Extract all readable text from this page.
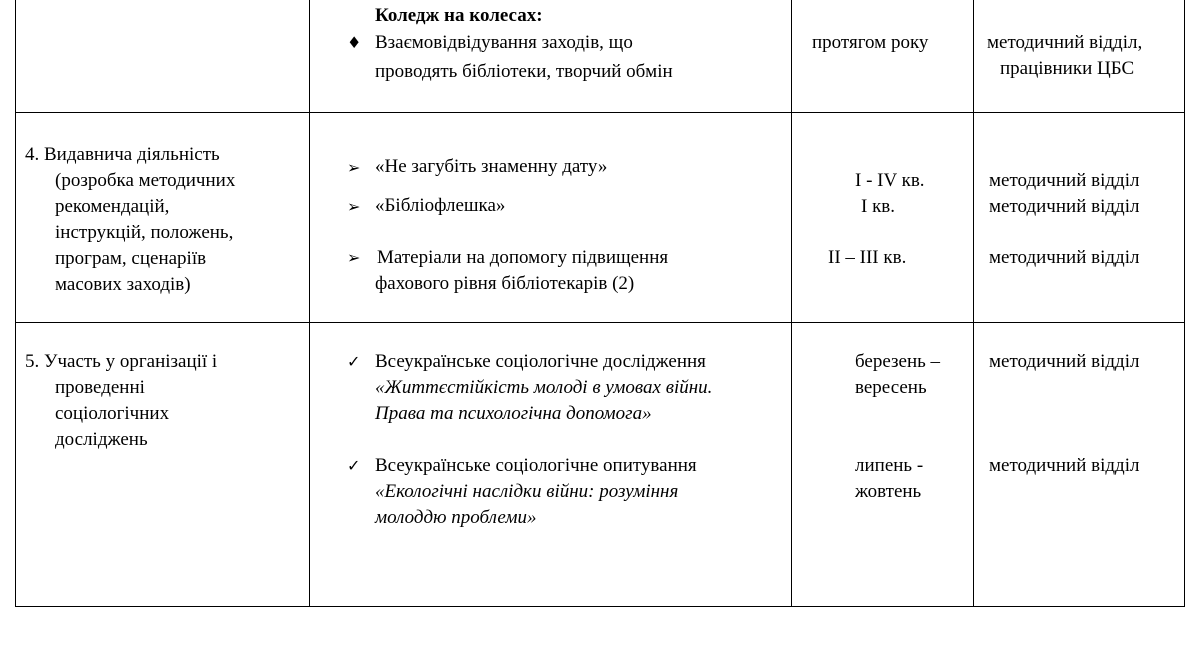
Коледж на колесах:
♦ Взаємовідвідування заходів, що
проводять бібліотеки, творчий обмін
протягом року	методичний відділ,
працівники ЦБС
4. Видавнича діяльність
(розробка методичних
рекомендацій,
інструкцій, положень,
програм, сценаріїв
масових заходів)
➢ «Не загубіть знаменну дату»
➢ «Бібліофлешка»
➢ Матеріали на допомогу підвищення
фахового рівня бібліотекарів (2)
I - IV кв.
I кв.
II – III кв.
методичний відділ
методичний відділ
методичний відділ
5. Участь у організації і
проведенні
соціологічних
досліджень
✓ Всеукраїнське соціологічне дослідження
«Життєстійкість молоді в умовах війни.
Права та психологічна допомога»
✓ Всеукраїнське соціологічне опитування
«Екологічні наслідки війни: розуміння
молоддю проблеми»
березень –
вересень
липень -
жовтень
методичний відділ
методичний відділ
